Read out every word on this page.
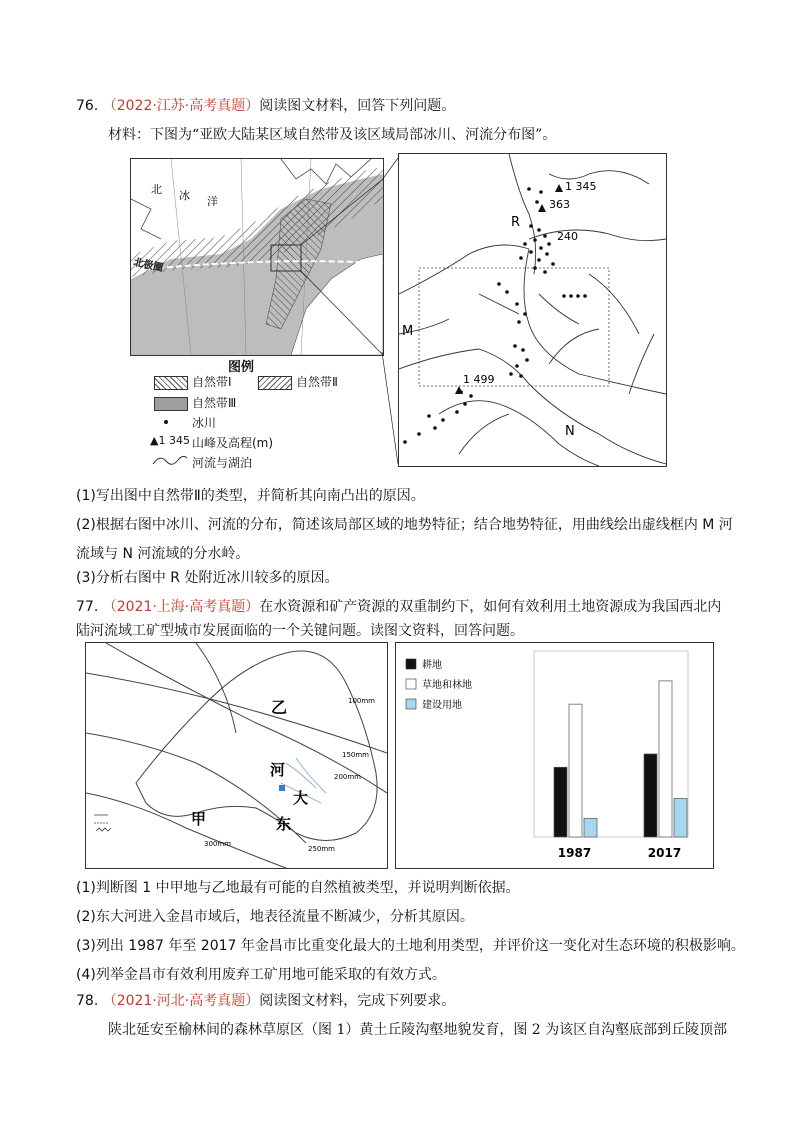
76. （2022·江苏·高考真题）阅读图文材料，回答下列问题。
材料：下图为“亚欧大陆某区域自然带及该区域局部冰川、河流分布图”。
北 冰 洋
北极圈
图例
自然带Ⅰ	自然带Ⅱ
自然带Ⅲ
冰川
▲1 345 山峰及高程(m)
河流与湖泊
1 345
363
240
1 499
R
M
N
(1)写出图中自然带Ⅱ的类型，并简析其向南凸出的原因。
(2)根据右图中冰川、河流的分布，简述该局部区域的地势特征；结合地势特征，用曲线绘出虚线框内 M 河
流域与 N 河流域的分水岭。
(3)分析右图中 R 处附近冰川较多的原因。
77. （2021·上海·高考真题）在水资源和矿产资源的双重制约下，如何有效利用土地资源成为我国西北内
陆河流域工矿型城市发展面临的一个关键问题。读图文资料，回答问题。
乙
河
大
东
甲
100mm
150mm
200mm
250mm
300mm
耕地
草地和林地
建设用地
1987	2017
(1)判断图 1 中甲地与乙地最有可能的自然植被类型，并说明判断依据。
(2)东大河进入金昌市域后，地表径流量不断减少，分析其原因。
(3)列出 1987 年至 2017 年金昌市比重变化最大的土地利用类型，并评价这一变化对生态环境的积极影响。
(4)列举金昌市有效利用废弃工矿用地可能采取的有效方式。
78. （2021·河北·高考真题）阅读图文材料，完成下列要求。
陕北延安至榆林间的森林草原区（图 1）黄土丘陵沟壑地貌发育，图 2 为该区自沟壑底部到丘陵顶部
